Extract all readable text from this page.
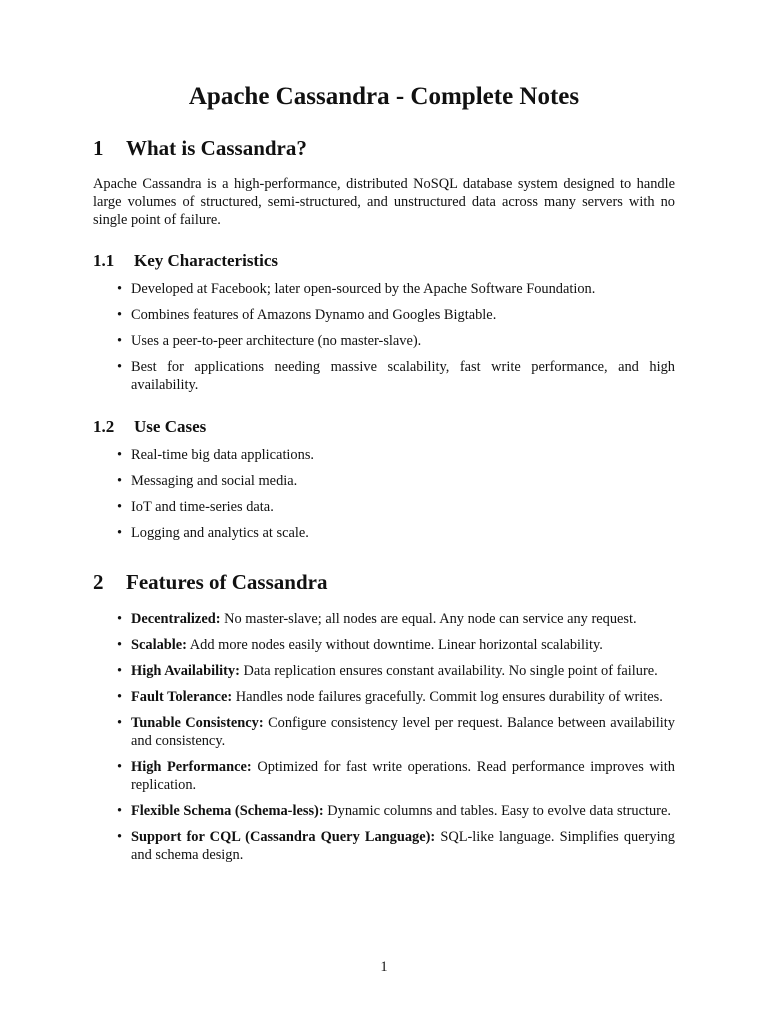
Apache Cassandra - Complete Notes
1 What is Cassandra?

Apache Cassandra is a high-performance, distributed NoSQL database system designed to handle large volumes of structured, semi-structured, and unstructured data across many servers with no single point of failure.

1.1 Key Characteristics
• Developed at Facebook; later open-sourced by the Apache Software Foundation.
• Combines features of Amazons Dynamo and Googles Bigtable.
• Uses a peer-to-peer architecture (no master-slave).
• Best for applications needing massive scalability, fast write performance, and high availability.
1.2 Use Cases
• Real-time big data applications.
• Messaging and social media.
• IoT and time-series data.
• Logging and analytics at scale.
2 Features of Cassandra
• Decentralized: No master-slave; all nodes are equal. Any node can service any request.
• Scalable: Add more nodes easily without downtime. Linear horizontal scalability.
• High Availability: Data replication ensures constant availability. No single point of failure.
• Fault Tolerance: Handles node failures gracefully. Commit log ensures durability of writes.
• Tunable Consistency: Configure consistency level per request. Balance between availability and consistency.
• High Performance: Optimized for fast write operations. Read performance improves with replication.
• Flexible Schema (Schema-less): Dynamic columns and tables. Easy to evolve data structure.
• Support for CQL (Cassandra Query Language): SQL-like language. Simplifies querying and schema design.
1
